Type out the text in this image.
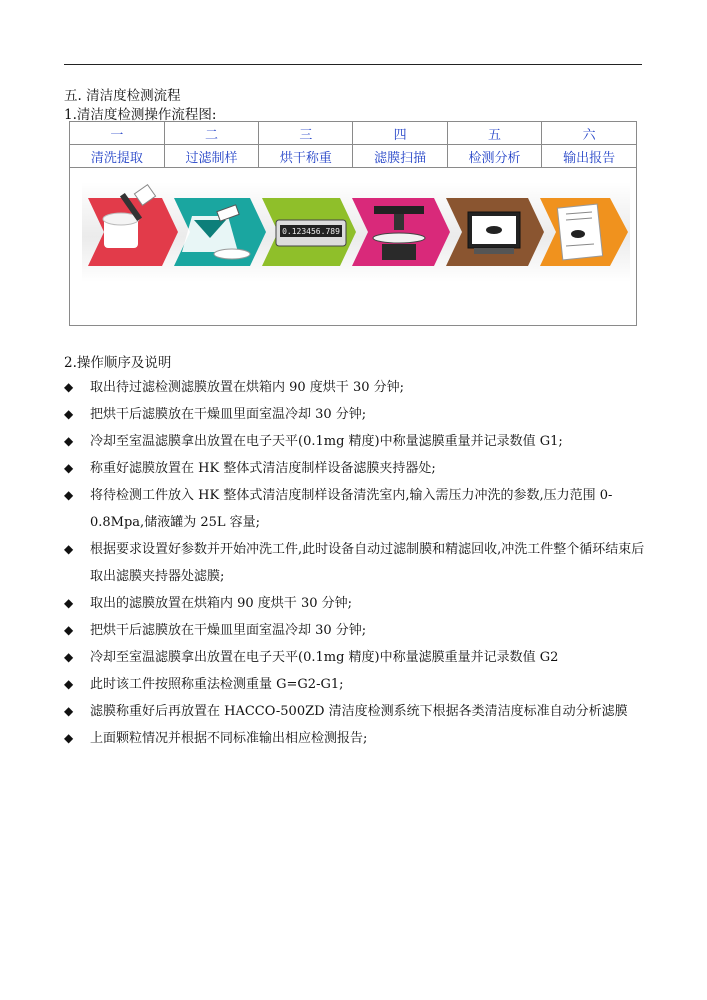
五. 清洁度检测流程
1.清洁度检测操作流程图:
一	二	三	四	五	六
清洗提取	过滤制样	烘干称重	滤膜扫描	检测分析	输出报告
0.123456.789
2.操作顺序及说明
◆ 取出待过滤检测滤膜放置在烘箱内 90 度烘干 30 分钟;
◆ 把烘干后滤膜放在干燥皿里面室温冷却 30 分钟;
◆ 冷却至室温滤膜拿出放置在电子天平(0.1mg 精度)中称量滤膜重量并记录数值 G1;
◆ 称重好滤膜放置在 HK 整体式清洁度制样设备滤膜夹持器处;
◆ 将待检测工件放入 HK 整体式清洁度制样设备清洗室内,输入需压力冲洗的参数,压力范围 0-0.8Mpa,储液罐为 25L 容量;
◆ 根据要求设置好参数并开始冲洗工件,此时设备自动过滤制膜和精滤回收,冲洗工件整个循环结束后取出滤膜夹持器处滤膜;
◆ 取出的滤膜放置在烘箱内 90 度烘干 30 分钟;
◆ 把烘干后滤膜放在干燥皿里面室温冷却 30 分钟;
◆ 冷却至室温滤膜拿出放置在电子天平(0.1mg 精度)中称量滤膜重量并记录数值 G2
◆ 此时该工件按照称重法检测重量 G=G2-G1;
◆ 滤膜称重好后再放置在 HACCO-500ZD 清洁度检测系统下根据各类清洁度标准自动分析滤膜
◆ 上面颗粒情况并根据不同标准输出相应检测报告;
